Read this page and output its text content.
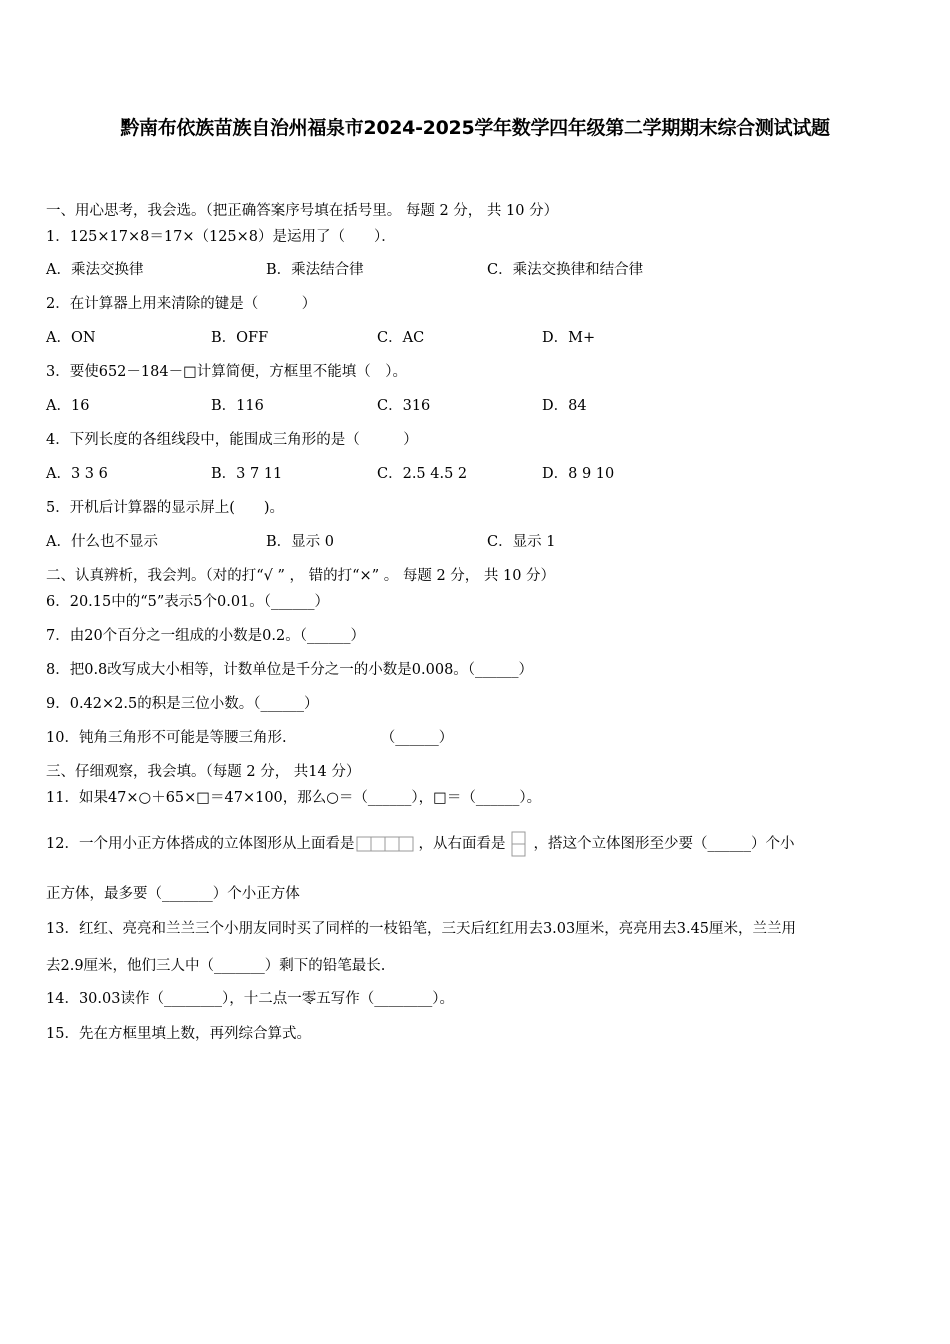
黔南布依族苗族自治州福泉市2024-2025学年数学四年级第二学期期末综合测试试题
一、用心思考，我会选。（把正确答案序号填在括号里。 每题 2 分， 共 10 分）
1．125×17×8＝17×（125×8）是运用了（　　）．
A．乘法交换律	B．乘法结合律	C．乘法交换律和结合律
2．在计算器上用来清除的键是（　　　）
A．ON	B．OFF	C．AC	D．M+
3．要使652－184－□计算简便，方框里不能填（　）。
A．16	B．116	C．316	D．84
4．下列长度的各组线段中，能围成三角形的是（　　　）
A．3 3 6	B．3 7 11	C．2.5 4.5 2	D．8 9 10
5．开机后计算器的显示屏上(　　)。
A．什么也不显示	B．显示 0	C．显示 1
二、认真辨析，我会判。（对的打“√ ” ， 错的打“×” 。 每题 2 分， 共 10 分）
6．20.15中的“5”表示5个0.01。（______）
7．由20个百分之一组成的小数是0.2。（______）
8．把0.8改写成大小相等，计数单位是千分之一的小数是0.008。（______）
9．0.42×2.5的积是三位小数。（______）
10．钝角三角形不可能是等腰三角形.　　　　　　　（______）
三、仔细观察，我会填。（每题 2 分， 共14 分）
11．如果47×○＋65×□＝47×100，那么○＝（______），□＝（______）。
12．一个用小正方体搭成的立体图形从上面看是	，从右面看是 ，搭这个立体图形至少要（______）个小
正方体，最多要（_______）个小正方体
13．红红、亮亮和兰兰三个小朋友同时买了同样的一枝铅笔，三天后红红用去3.03厘米，亮亮用去3.45厘米，兰兰用
去2.9厘米，他们三人中（_______）剩下的铅笔最长.
14．30.03读作（________），十二点一零五写作（________）。
15．先在方框里填上数，再列综合算式。
